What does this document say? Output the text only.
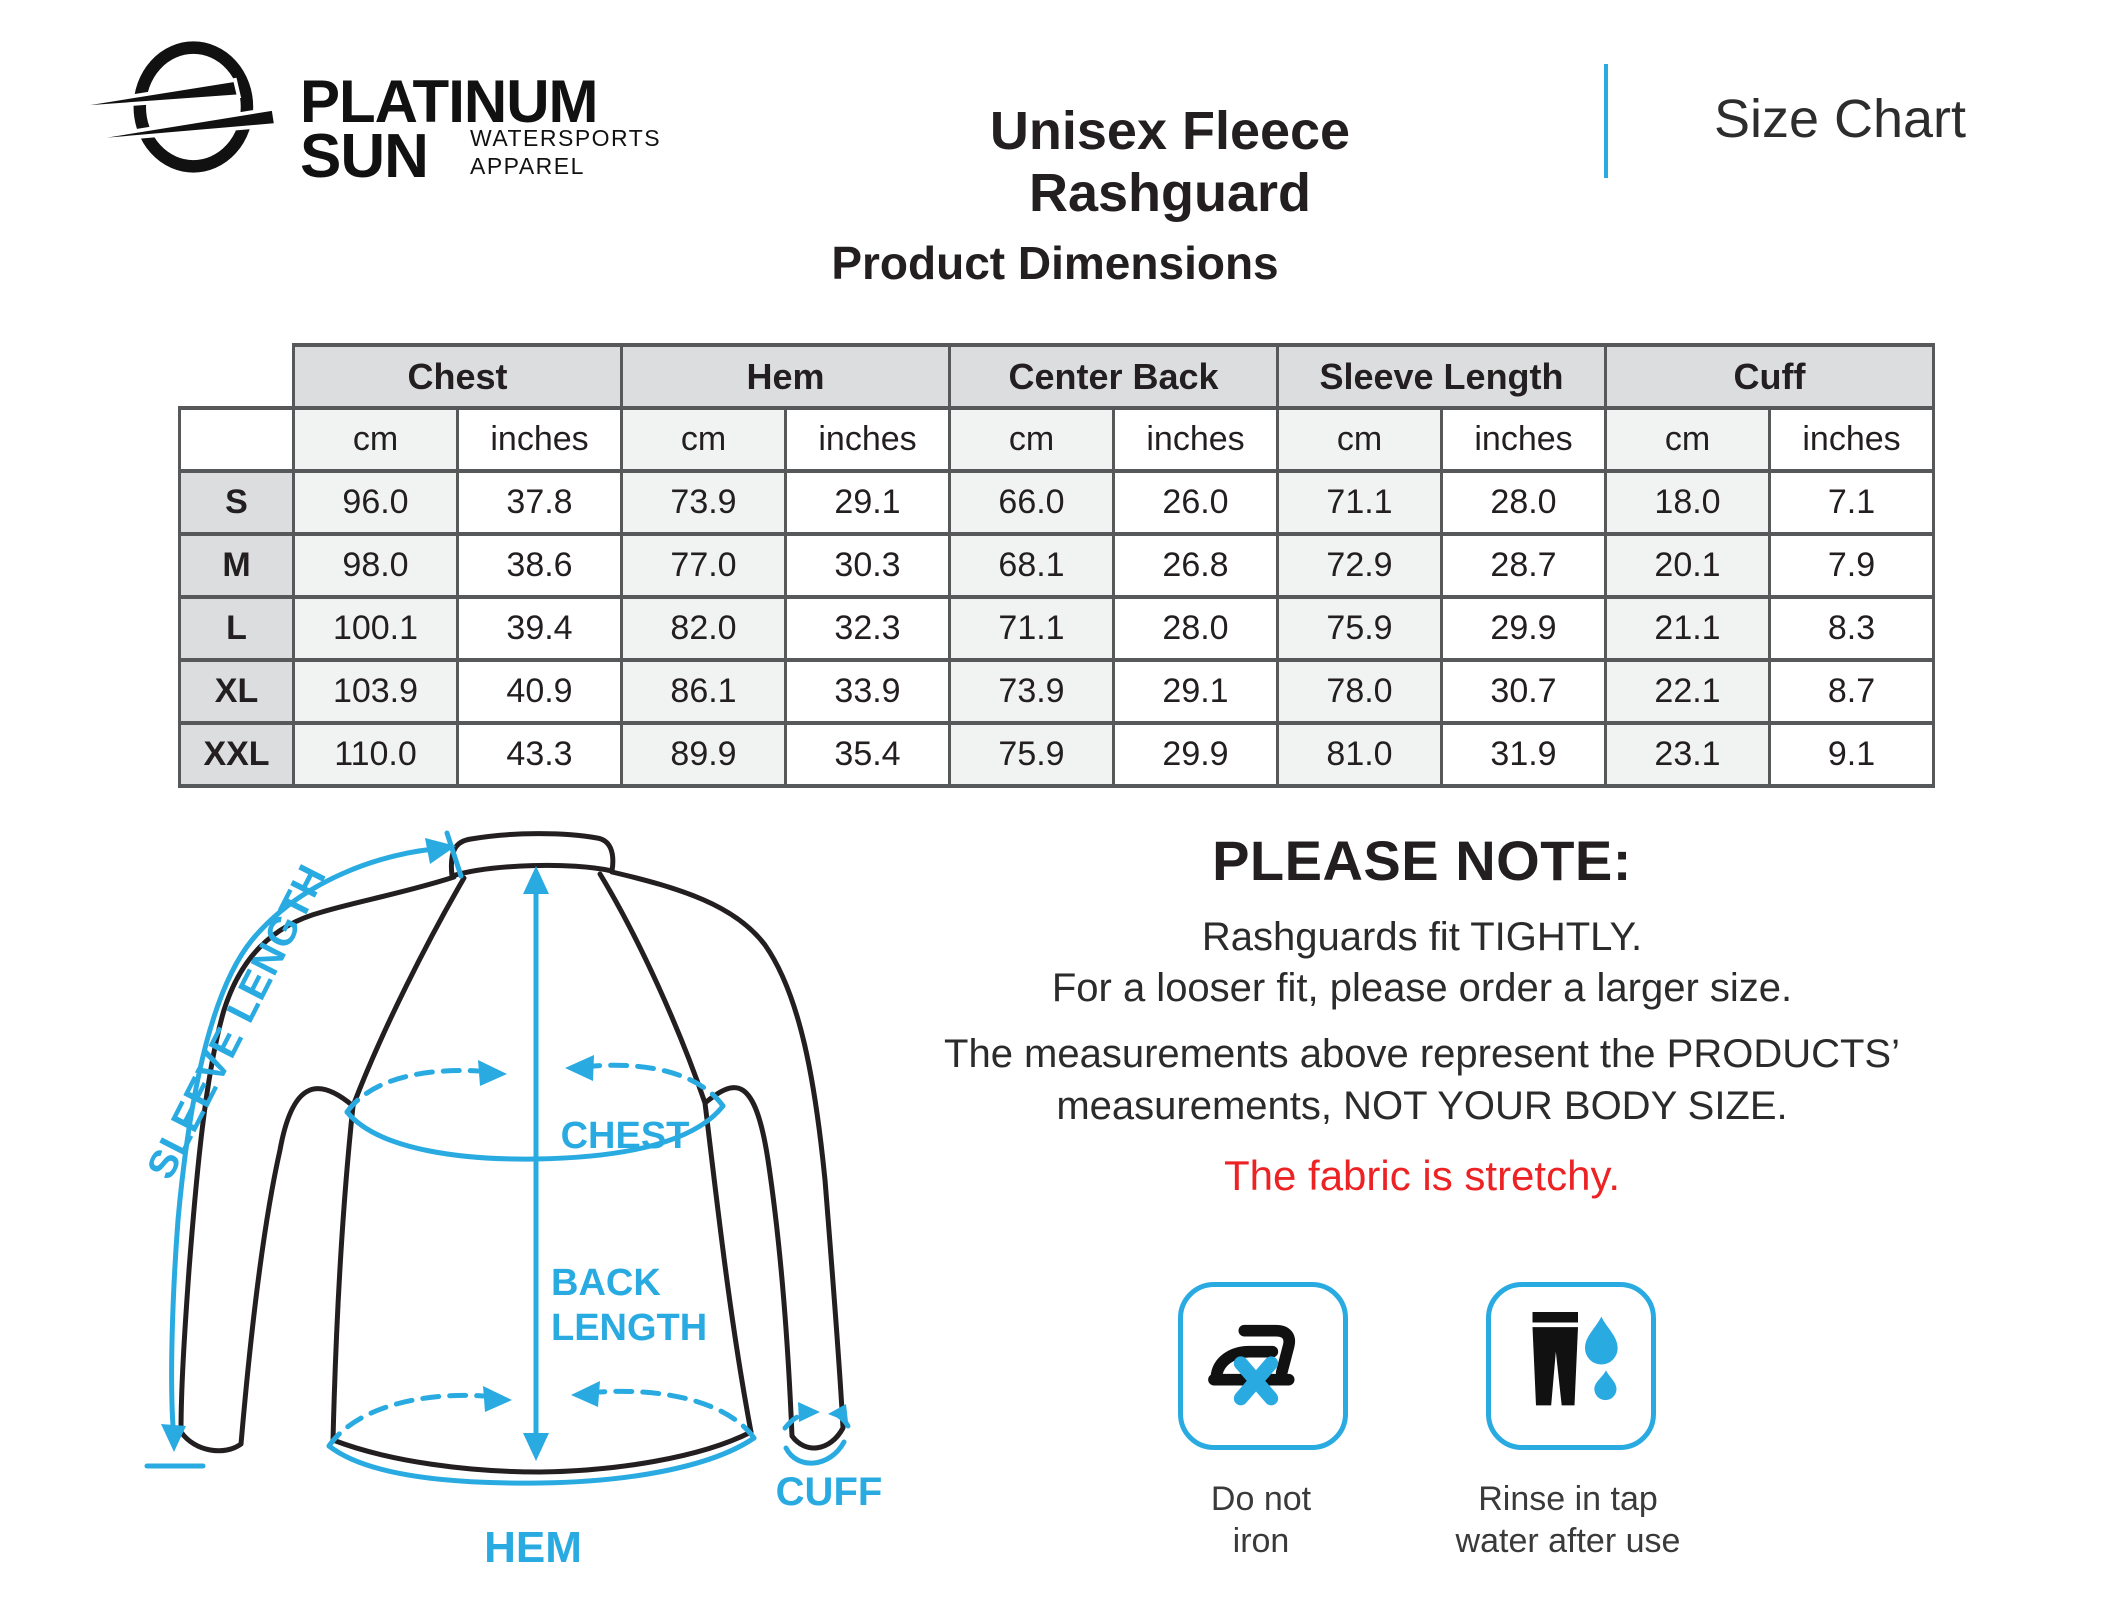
PLATINUM
SUN WATERSPORTS
APPAREL
Unisex Fleece Rashguard
Size Chart
Product Dimensions
	Chest		Hem		Center Back		Sleeve Length		Cuff	
	cm	inches	cm	inches	cm	inches	cm	inches	cm	inches
S	96.0	37.8	73.9	29.1	66.0	26.0	71.1	28.0	18.0	7.1
M	98.0	38.6	77.0	30.3	68.1	26.8	72.9	28.7	20.1	7.9
L	100.1	39.4	82.0	32.3	71.1	28.0	75.9	29.9	21.1	8.3
XL	103.9	40.9	86.1	33.9	73.9	29.1	78.0	30.7	22.1	8.7
XXL	110.0	43.3	89.9	35.4	75.9	29.9	81.0	31.9	23.1	9.1
PLEASE NOTE:
Rashguards fit TIGHTLY.
For a looser fit, please order a larger size.
The measurements above represent the PRODUCTS’
measurements, NOT YOUR BODY SIZE.
The fabric is stretchy.
Do not
iron
Rinse in tap
water after use
SLEEVE LENGTH	CHEST
BACK
LENGTH
HEM
CUFF
